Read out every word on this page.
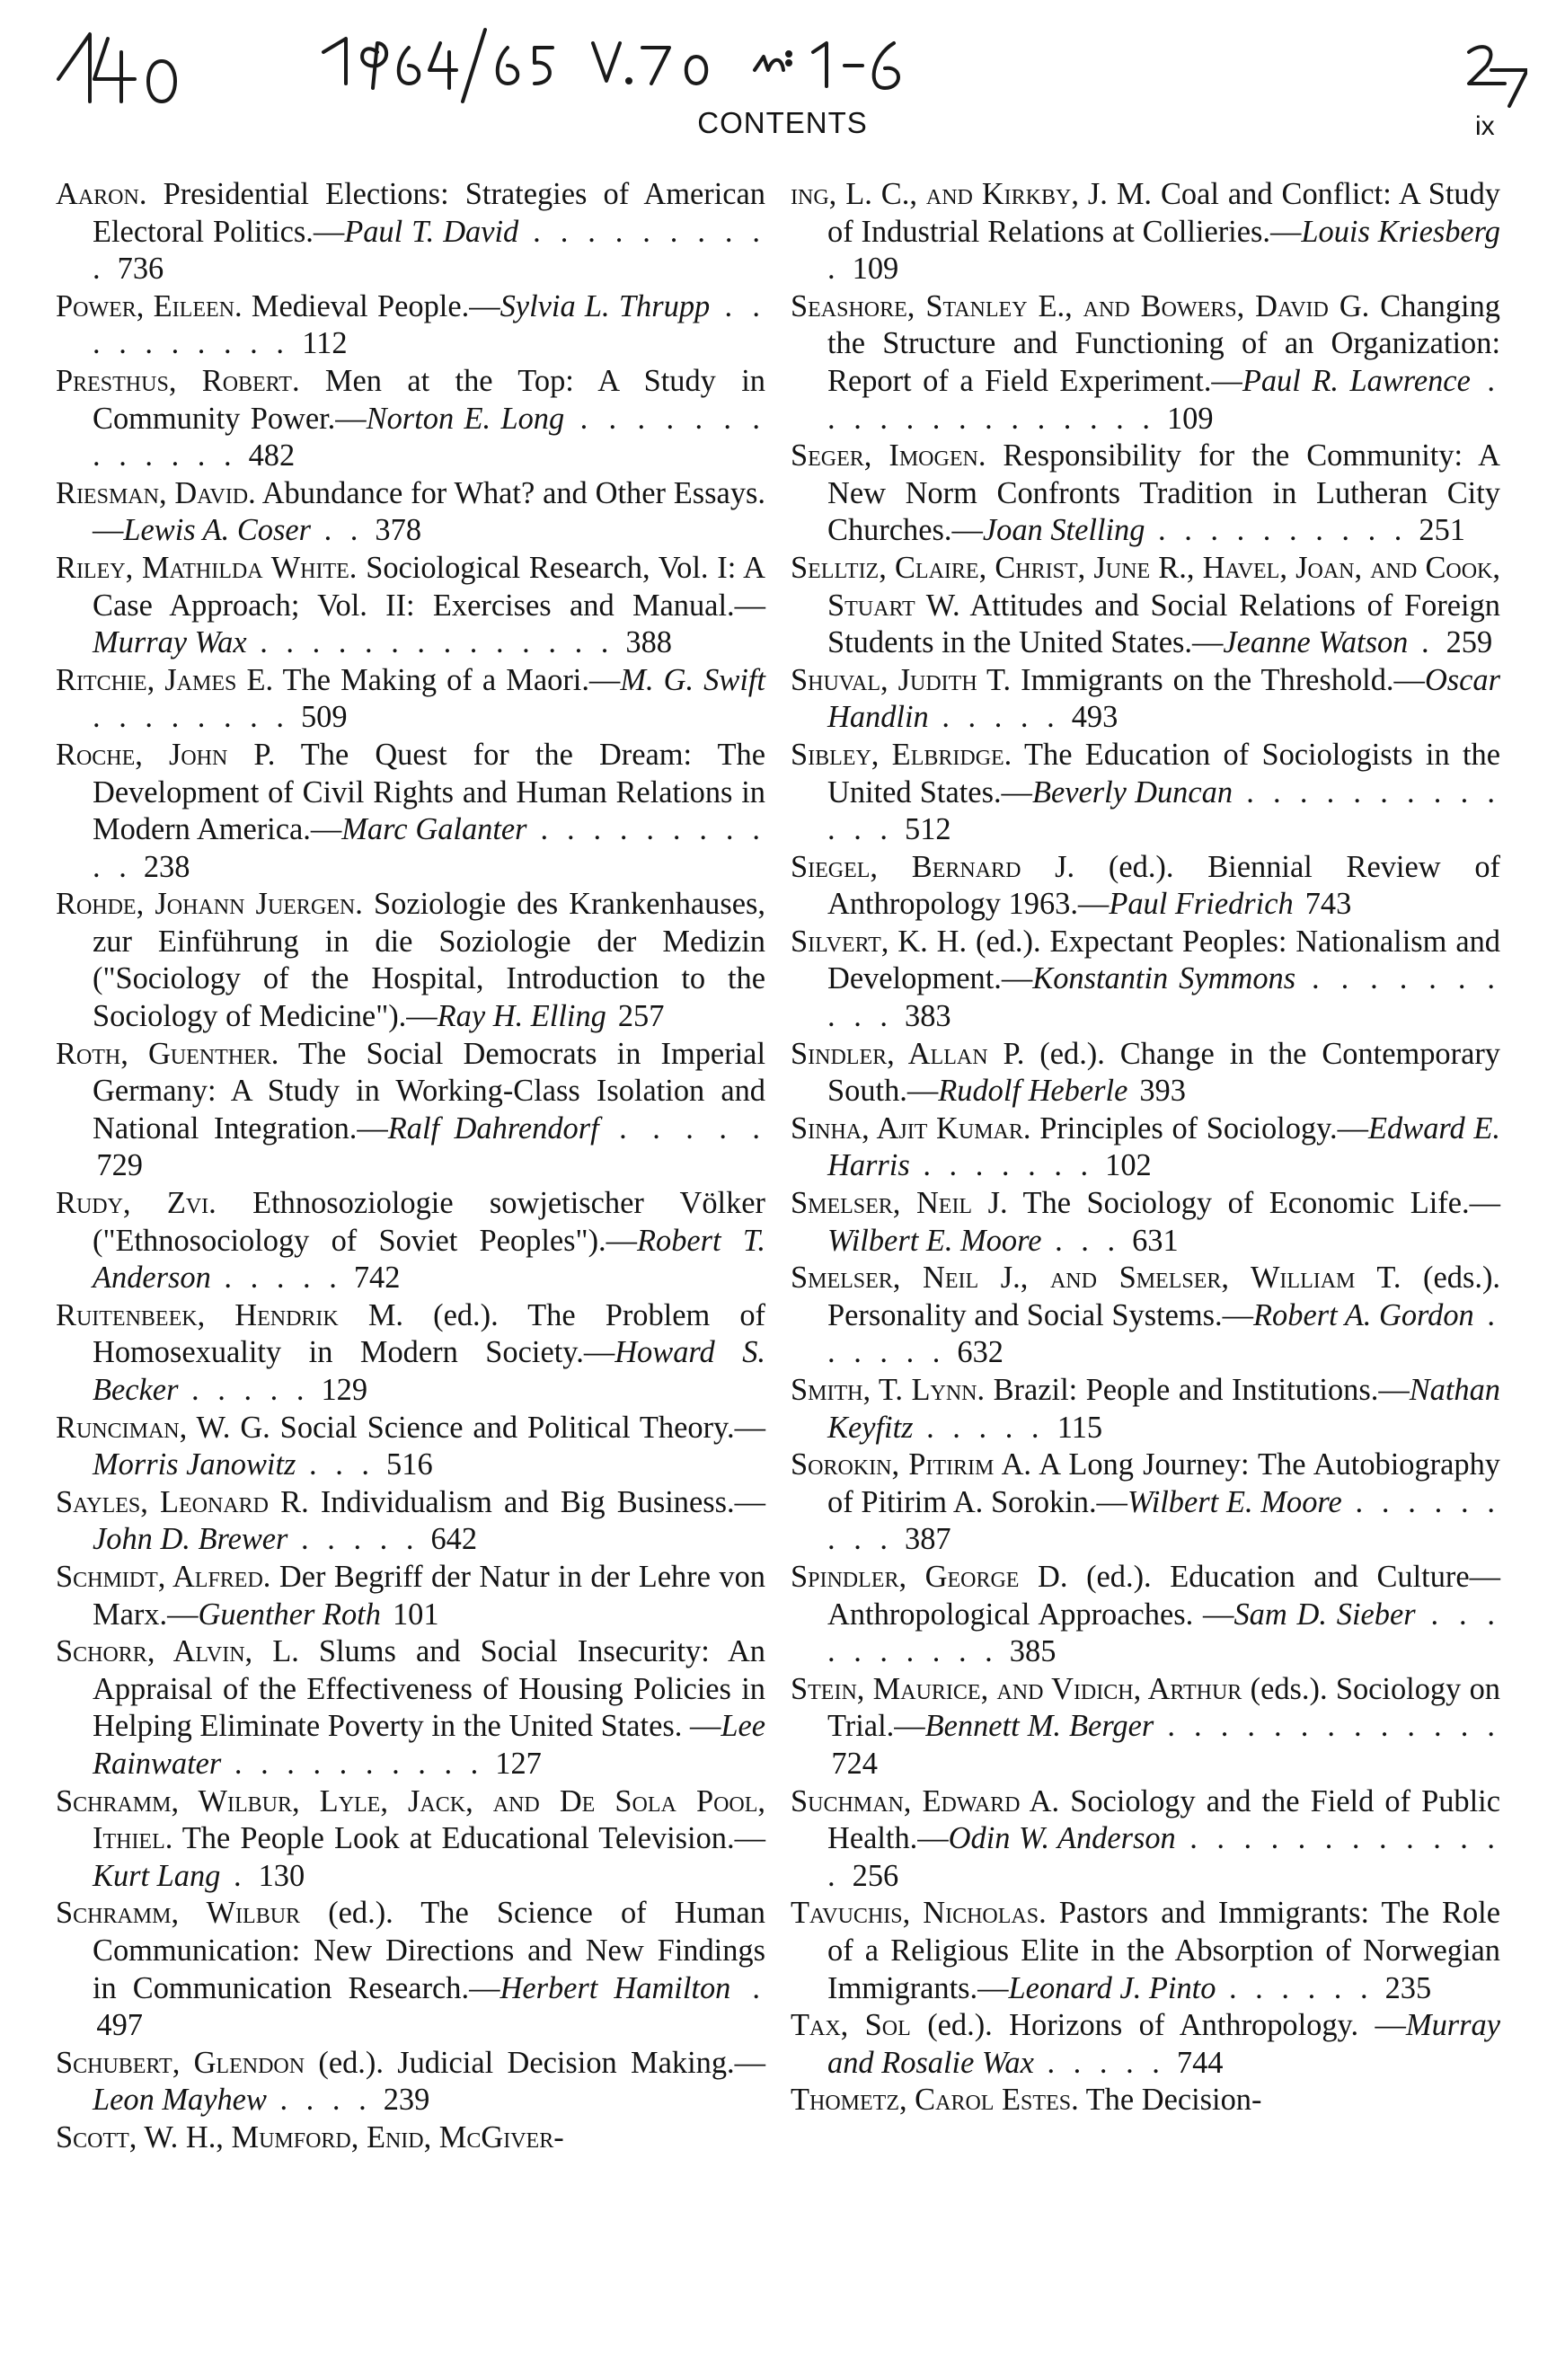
CONTENTS	ix
Aaron. Presidential Elections: Strategies of American Electoral Politics.—Paul T. David . . . . . . . . . . 736
Power, Eileen. Medieval People.—Sylvia L. Thrupp . . . . . . . . . . 112
Presthus, Robert. Men at the Top: A Study in Community Power.—Norton E. Long . . . . . . . . . . . . . 482
Riesman, David. Abundance for What? and Other Essays.—Lewis A. Coser . . 378
Riley, Mathilda White. Sociological Research, Vol. I: A Case Approach; Vol. II: Exercises and Manual.—Murray Wax . . . . . . . . . . . . . . 388
Ritchie, James E. The Making of a Maori.—M. G. Swift . . . . . . . . 509
Roche, John P. The Quest for the Dream: The Development of Civil Rights and Human Relations in Modern America.—Marc Galanter . . . . . . . . . . . 238
Rohde, Johann Juergen. Soziologie des Krankenhauses, zur Einführung in die Soziologie der Medizin ("Sociology of the Hospital, Introduction to the Sociology of Medicine").—Ray H. Elling 257
Roth, Guenther. The Social Democrats in Imperial Germany: A Study in Working-Class Isolation and National Integration.—Ralf Dahrendorf . . . . . 729
Rudy, Zvi. Ethnosoziologie sowjetischer Völker ("Ethnosociology of Soviet Peoples").—Robert T. Anderson . . . . . 742
Ruitenbeek, Hendrik M. (ed.). The Problem of Homosexuality in Modern Society.—Howard S. Becker . . . . . 129
Runciman, W. G. Social Science and Political Theory.—Morris Janowitz . . . 516
Sayles, Leonard R. Individualism and Big Business.—John D. Brewer . . . . . 642
Schmidt, Alfred. Der Begriff der Natur in der Lehre von Marx.—Guenther Roth 101
Schorr, Alvin, L. Slums and Social Insecurity: An Appraisal of the Effectiveness of Housing Policies in Helping Eliminate Poverty in the United States. —Lee Rainwater . . . . . . . . . . 127
Schramm, Wilbur, Lyle, Jack, and De Sola Pool, Ithiel. The People Look at Educational Television.—Kurt Lang . 130
Schramm, Wilbur (ed.). The Science of Human Communication: New Directions and New Findings in Communication Research.—Herbert Hamilton . 497
Schubert, Glendon (ed.). Judicial Decision Making.—Leon Mayhew . . . . 239
Scott, W. H., Mumford, Enid, McGiver-
ing, L. C., and Kirkby, J. M. Coal and Conflict: A Study of Industrial Relations at Collieries.—Louis Kriesberg . 109
Seashore, Stanley E., and Bowers, David G. Changing the Structure and Functioning of an Organization: Report of a Field Experiment.—Paul R. Lawrence . . . . . . . . . . . . . . 109
Seger, Imogen. Responsibility for the Community: A New Norm Confronts Tradition in Lutheran City Churches.—Joan Stelling . . . . . . . . . . 251
Selltiz, Claire, Christ, June R., Havel, Joan, and Cook, Stuart W. Attitudes and Social Relations of Foreign Students in the United States.—Jeanne Watson . 259
Shuval, Judith T. Immigrants on the Threshold.—Oscar Handlin . . . . . 493
Sibley, Elbridge. The Education of Sociologists in the United States.—Beverly Duncan . . . . . . . . . . . . . 512
Siegel, Bernard J. (ed.). Biennial Review of Anthropology 1963.—Paul Friedrich 743
Silvert, K. H. (ed.). Expectant Peoples: Nationalism and Development.—Konstantin Symmons . . . . . . . . . . 383
Sindler, Allan P. (ed.). Change in the Contemporary South.—Rudolf Heberle 393
Sinha, Ajit Kumar. Principles of Sociology.—Edward E. Harris . . . . . . . 102
Smelser, Neil J. The Sociology of Economic Life.—Wilbert E. Moore . . . 631
Smelser, Neil J., and Smelser, William T. (eds.). Personality and Social Systems.—Robert A. Gordon . . . . . . 632
Smith, T. Lynn. Brazil: People and Institutions.—Nathan Keyfitz . . . . . 115
Sorokin, Pitirim A. A Long Journey: The Autobiography of Pitirim A. Sorokin.—Wilbert E. Moore . . . . . . . . . 387
Spindler, George D. (ed.). Education and Culture—Anthropological Approaches. —Sam D. Sieber . . . . . . . . . . 385
Stein, Maurice, and Vidich, Arthur (eds.). Sociology on Trial.—Bennett M. Berger . . . . . . . . . . . . . 724
Suchman, Edward A. Sociology and the Field of Public Health.—Odin W. Anderson . . . . . . . . . . . . . 256
Tavuchis, Nicholas. Pastors and Immigrants: The Role of a Religious Elite in the Absorption of Norwegian Immigrants.—Leonard J. Pinto . . . . . . 235
Tax, Sol (ed.). Horizons of Anthropology. —Murray and Rosalie Wax . . . . . 744
Thometz, Carol Estes. The Decision-
